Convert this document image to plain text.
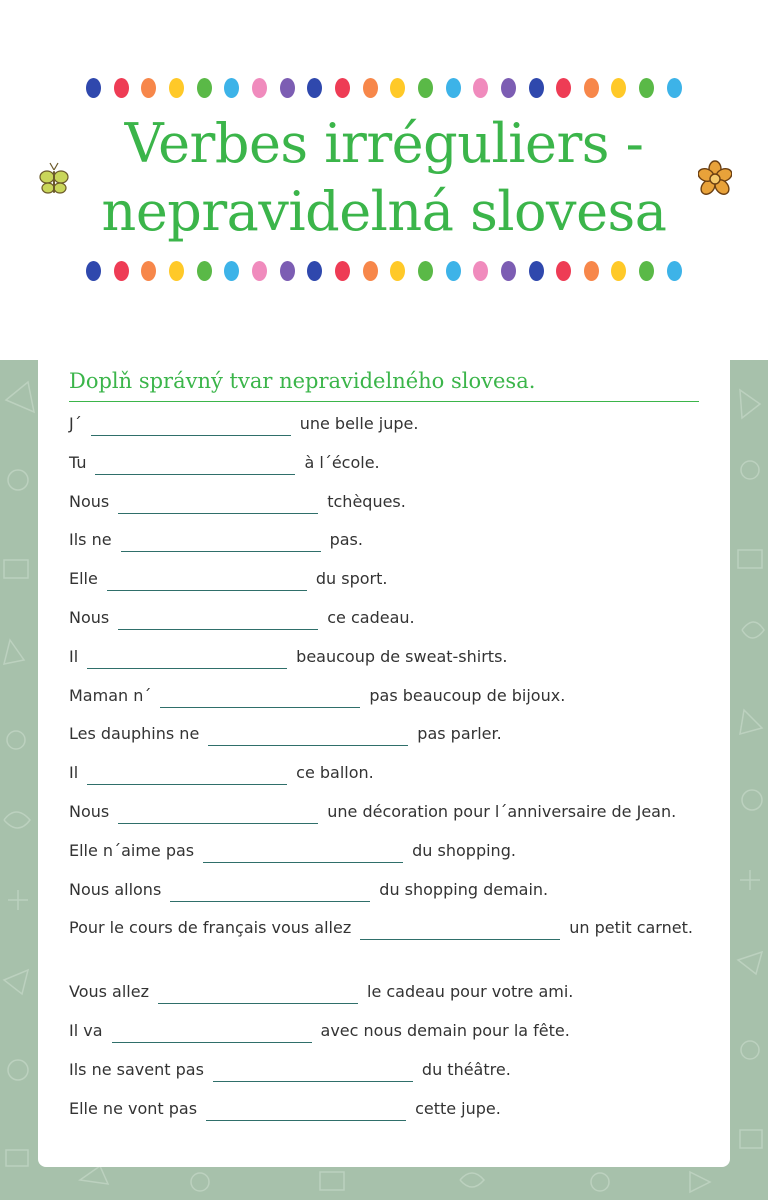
Verbes irréguliers -
nepravidelná slovesa
Doplň správný tvar nepravidelného slovesa.
J´	une belle jupe.
Tu	à l´école.
Nous	tchèques.
Ils ne	pas.
Elle	du sport.
Nous	ce cadeau.
Il	beaucoup de sweat-shirts.
Maman n´	pas beaucoup de bijoux.
Les dauphins ne	pas parler.
Il	ce ballon.
Nous	une décoration pour l´anniversaire de Jean.
Elle n´aime pas	du shopping.
Nous allons	du shopping demain.
Pour le cours de français vous allez	un petit carnet.
Vous allez	le cadeau pour votre ami.
Il va	avec nous demain pour la fête.
Ils ne savent pas	du théâtre.
Elle ne vont pas	cette jupe.
